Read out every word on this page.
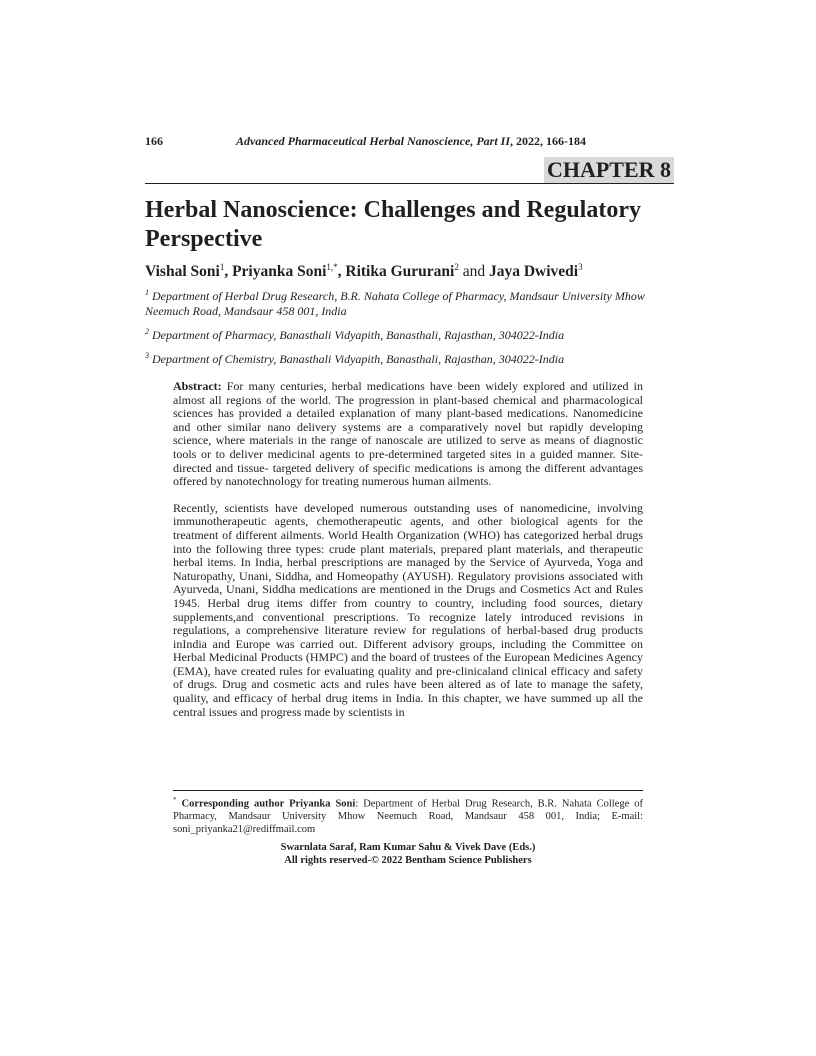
166	Advanced Pharmaceutical Herbal Nanoscience, Part II, 2022, 166-184
CHAPTER 8
Herbal Nanoscience: Challenges and Regulatory Perspective
Vishal Soni$^1$, Priyanka Soni$^{1,*}$, Ritika Gururani$^2$ and Jaya Dwivedi$^3$
$^1$ Department of Herbal Drug Research, B.R. Nahata College of Pharmacy, Mandsaur University Mhow Neemuch Road, Mandsaur 458 001, India
$^2$ Department of Pharmacy, Banasthali Vidyapith, Banasthali, Rajasthan, 304022-India
$^3$ Department of Chemistry, Banasthali Vidyapith, Banasthali, Rajasthan, 304022-India

Abstract: For many centuries, herbal medications have been widely explored and utilized in almost all regions of the world. The progression in plant-based chemical and pharmacological sciences has provided a detailed explanation of many plant-based medications. Nanomedicine and other similar nano delivery systems are a comparatively novel but rapidly developing science, where materials in the range of nanoscale are utilized to serve as means of diagnostic tools or to deliver medicinal agents to pre-determined targeted sites in a guided manner. Site-directed and tissue- targeted delivery of specific medications is among the different advantages offered by nanotechnology for treating numerous human ailments.

Recently, scientists have developed numerous outstanding uses of nanomedicine, involving immunotherapeutic agents, chemotherapeutic agents, and other biological agents for the treatment of different ailments. World Health Organization (WHO) has categorized herbal drugs into the following three types: crude plant materials, prepared plant materials, and therapeutic herbal items. In India, herbal prescriptions are managed by the Service of Ayurveda, Yoga and Naturopathy, Unani, Siddha, and Homeopathy (AYUSH). Regulatory provisions associated with Ayurveda, Unani, Siddha medications are mentioned in the Drugs and Cosmetics Act and Rules 1945. Herbal drug items differ from country to country, including food sources, dietary supplements,and conventional prescriptions. To recognize lately introduced revisions in regulations, a comprehensive literature review for regulations of herbal-based drug products inIndia and Europe was carried out. Different advisory groups, including the Committee on Herbal Medicinal Products (HMPC) and the board of trustees of the European Medicines Agency (EMA), have created rules for evaluating quality and pre-clinicaland clinical efficacy and safety of drugs. Drug and cosmetic acts and rules have been altered as of late to manage the safety, quality, and efficacy of herbal drug items in India. In this chapter, we have summed up all the central issues and progress made by scientists in

* Corresponding author Priyanka Soni: Department of Herbal Drug Research, B.R. Nahata College of Pharmacy, Mandsaur University Mhow Neemuch Road, Mandsaur 458 001, India; E-mail: soni_priyanka21@rediffmail.com
Swarnlata Saraf, Ram Kumar Sahu & Vivek Dave (Eds.)
All rights reserved-© 2022 Bentham Science Publishers
